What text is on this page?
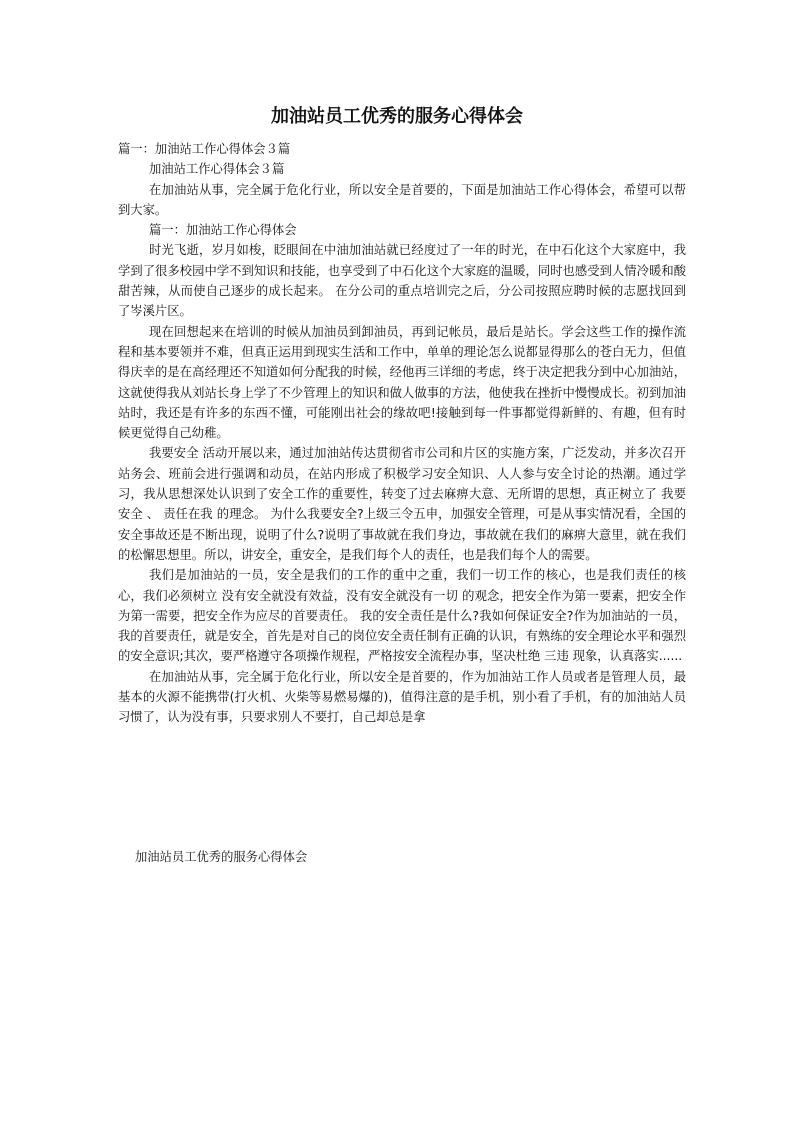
加油站员工优秀的服务心得体会

篇一：加油站工作心得体会３篇

加油站工作心得体会３篇

在加油站从事，完全属于危化行业，所以安全是首要的，下面是加油站工作心得体会，希望可以帮到大家。

篇一：加油站工作心得体会

时光飞逝，岁月如梭，眨眼间在中油加油站就已经度过了一年的时光，在中石化这个大家庭中，我学到了很多校园中学不到知识和技能，也享受到了中石化这个大家庭的温暖，同时也感受到人情冷暖和酸甜苦辣，从而使自己逐步的成长起来。 在分公司的重点培训完之后，分公司按照应聘时候的志愿找回到了岑溪片区。

现在回想起来在培训的时候从加油员到卸油员，再到记帐员，最后是站长。学会这些工作的操作流程和基本要领并不难，但真正运用到现实生活和工作中，单单的理论怎么说都显得那么的苍白无力，但值得庆幸的是在高经理还不知道如何分配我的时候，经他再三详细的考虑，终于决定把我分到中心加油站，这就使得我从刘站长身上学了不少管理上的知识和做人做事的方法，他使我在挫折中慢慢成长。初到加油站时，我还是有许多的东西不懂，可能刚出社会的缘故吧!接触到每一件事都觉得新鲜的、有趣，但有时候更觉得自己幼稚。

我要安全 活动开展以来，通过加油站传达贯彻省市公司和片区的实施方案，广泛发动，并多次召开站务会、班前会进行强调和动员，在站内形成了积极学习安全知识、人人参与安全讨论的热潮。通过学习，我从思想深处认识到了安全工作的重要性，转变了过去麻痹大意、无所谓的思想，真正树立了 我要安全 、 责任在我 的理念。 为什么我要安全?上级三令五申，加强安全管理，可是从事实情况看，全国的安全事故还是不断出现，说明了什么?说明了事故就在我们身边，事故就在我们的麻痹大意里，就在我们的松懈思想里。所以，讲安全，重安全，是我们每个人的责任，也是我们每个人的需要。

我们是加油站的一员，安全是我们的工作的重中之重，我们一切工作的核心，也是我们责任的核心，我们必须树立 没有安全就没有效益，没有安全就没有一切 的观念，把安全作为第一要素，把安全作为第一需要，把安全作为应尽的首要责任。 我的安全责任是什么?我如何保证安全?作为加油站的一员，我的首要责任，就是安全，首先是对自己的岗位安全责任制有正确的认识，有熟练的安全理论水平和强烈的安全意识;其次，要严格遵守各项操作规程，严格按安全流程办事，坚决杜绝 三违 现象，认真落实......

在加油站从事，完全属于危化行业，所以安全是首要的，作为加油站工作人员或者是管理人员，最基本的火源不能携带(打火机、火柴等易燃易爆的)，值得注意的是手机，别小看了手机，有的加油站人员习惯了，认为没有事，只要求别人不要打，自己却总是拿

加油站员工优秀的服务心得体会
